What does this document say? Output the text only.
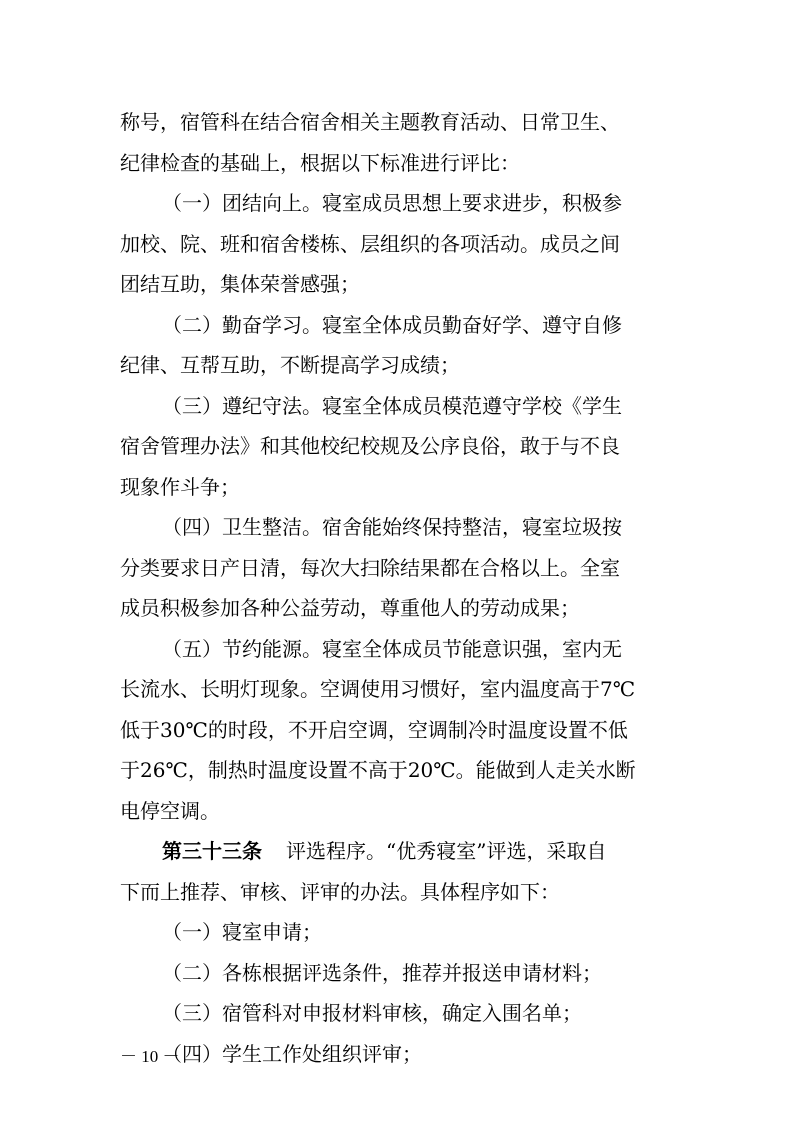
称号，宿管科在结合宿舍相关主题教育活动、日常卫生、
纪律检查的基础上，根据以下标准进行评比：
（一）团结向上。寝室成员思想上要求进步，积极参
加校、院、班和宿舍楼栋、层组织的各项活动。成员之间
团结互助，集体荣誉感强；
（二）勤奋学习。寝室全体成员勤奋好学、遵守自修
纪律、互帮互助，不断提高学习成绩；
（三）遵纪守法。寝室全体成员模范遵守学校《学生
宿舍管理办法》和其他校纪校规及公序良俗，敢于与不良
现象作斗争；
（四）卫生整洁。宿舍能始终保持整洁，寝室垃圾按
分类要求日产日清，每次大扫除结果都在合格以上。全室
成员积极参加各种公益劳动，尊重他人的劳动成果；
（五）节约能源。寝室全体成员节能意识强，室内无
长流水、长明灯现象。空调使用习惯好，室内温度高于7℃
低于30℃的时段，不开启空调，空调制冷时温度设置不低
于26℃，制热时温度设置不高于20℃。能做到人走关水断
电停空调。
第三十三条 评选程序。“优秀寝室”评选，采取自
下而上推荐、审核、评审的办法。具体程序如下：
（一）寝室申请；
（二）各栋根据评选条件，推荐并报送申请材料；
（三）宿管科对申报材料审核，确定入围名单；
（四）学生工作处组织评审；
－ 10 －
